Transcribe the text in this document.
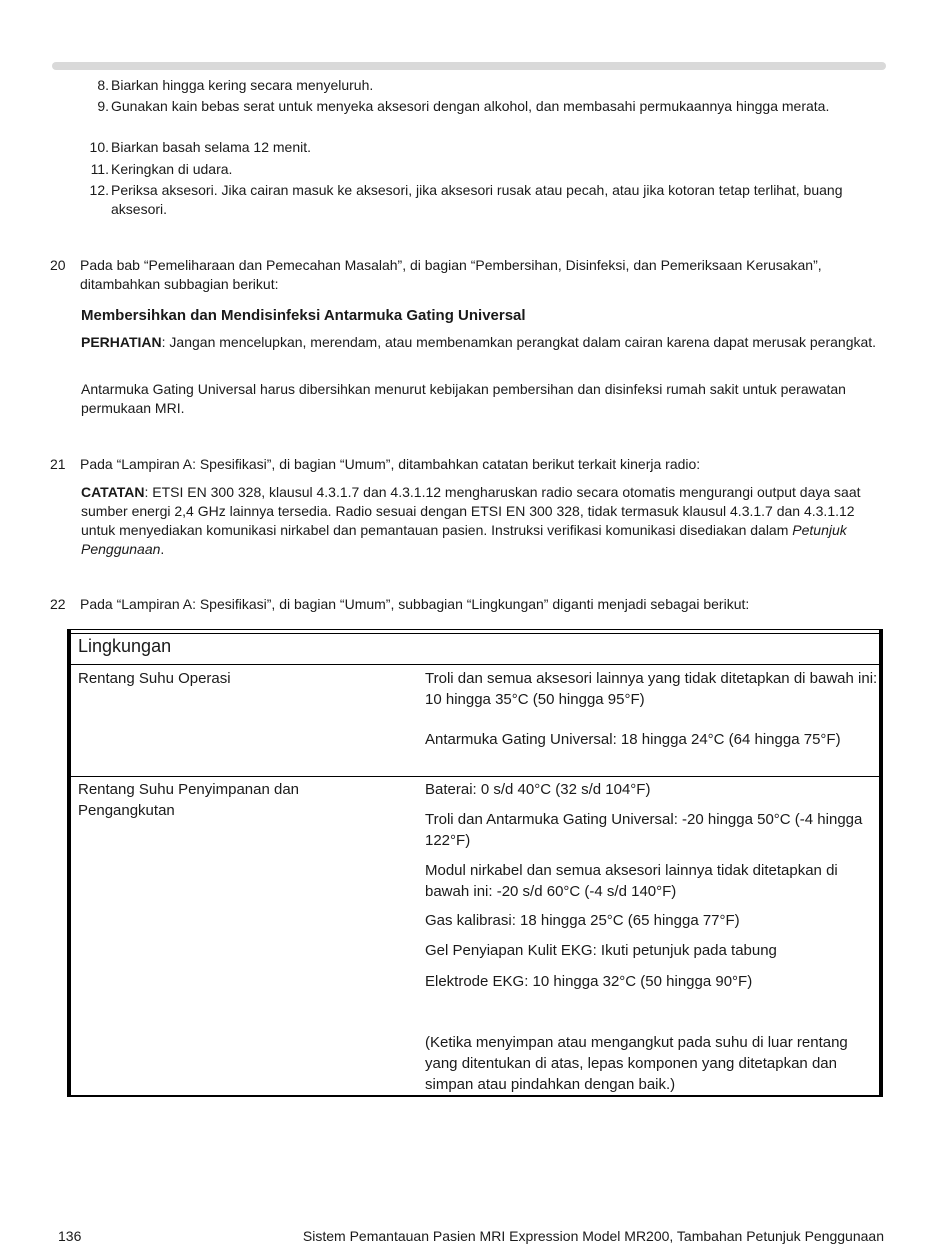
8. Biarkan hingga kering secara menyeluruh.
9. Gunakan kain bebas serat untuk menyeka aksesori dengan alkohol, dan membasahi permukaannya hingga merata.
10. Biarkan basah selama 12 menit.
11. Keringkan di udara.
12. Periksa aksesori. Jika cairan masuk ke aksesori, jika aksesori rusak atau pecah, atau jika kotoran tetap terlihat, buang aksesori.
20 Pada bab “Pemeliharaan dan Pemecahan Masalah”, di bagian “Pembersihan, Disinfeksi, dan Pemeriksaan Kerusakan”, ditambahkan subbagian berikut:
Membersihkan dan Mendisinfeksi Antarmuka Gating Universal
PERHATIAN: Jangan mencelupkan, merendam, atau membenamkan perangkat dalam cairan karena dapat merusak perangkat.
Antarmuka Gating Universal harus dibersihkan menurut kebijakan pembersihan dan disinfeksi rumah sakit untuk perawatan permukaan MRI.
21 Pada “Lampiran A: Spesifikasi”, di bagian “Umum”, ditambahkan catatan berikut terkait kinerja radio:
CATATAN: ETSI EN 300 328, klausul 4.3.1.7 dan 4.3.1.12 mengharuskan radio secara otomatis mengurangi output daya saat sumber energi 2,4 GHz lainnya tersedia. Radio sesuai dengan ETSI EN 300 328, tidak termasuk klausul 4.3.1.7 dan 4.3.1.12 untuk menyediakan komunikasi nirkabel dan pemantauan pasien. Instruksi verifikasi komunikasi disediakan dalam Petunjuk Penggunaan.
22 Pada “Lampiran A: Spesifikasi”, di bagian “Umum”, subbagian “Lingkungan” diganti menjadi sebagai berikut:
Lingkungan
Rentang Suhu Operasi	Troli dan semua aksesori lainnya yang tidak ditetapkan di bawah ini: 10 hingga 35°C (50 hingga 95°F)
Antarmuka Gating Universal: 18 hingga 24°C (64 hingga 75°F)
Rentang Suhu Penyimpanan dan Pengangkutan
Baterai: 0 s/d 40°C (32 s/d 104°F)
Troli dan Antarmuka Gating Universal: -20 hingga 50°C (-4 hingga 122°F)
Modul nirkabel dan semua aksesori lainnya tidak ditetapkan di bawah ini: -20 s/d 60°C (-4 s/d 140°F)
Gas kalibrasi: 18 hingga 25°C (65 hingga 77°F)
Gel Penyiapan Kulit EKG: Ikuti petunjuk pada tabung
Elektrode EKG: 10 hingga 32°C (50 hingga 90°F)
(Ketika menyimpan atau mengangkut pada suhu di luar rentang yang ditentukan di atas, lepas komponen yang ditetapkan dan simpan atau pindahkan dengan baik.)
136	Sistem Pemantauan Pasien MRI Expression Model MR200, Tambahan Petunjuk Penggunaan
